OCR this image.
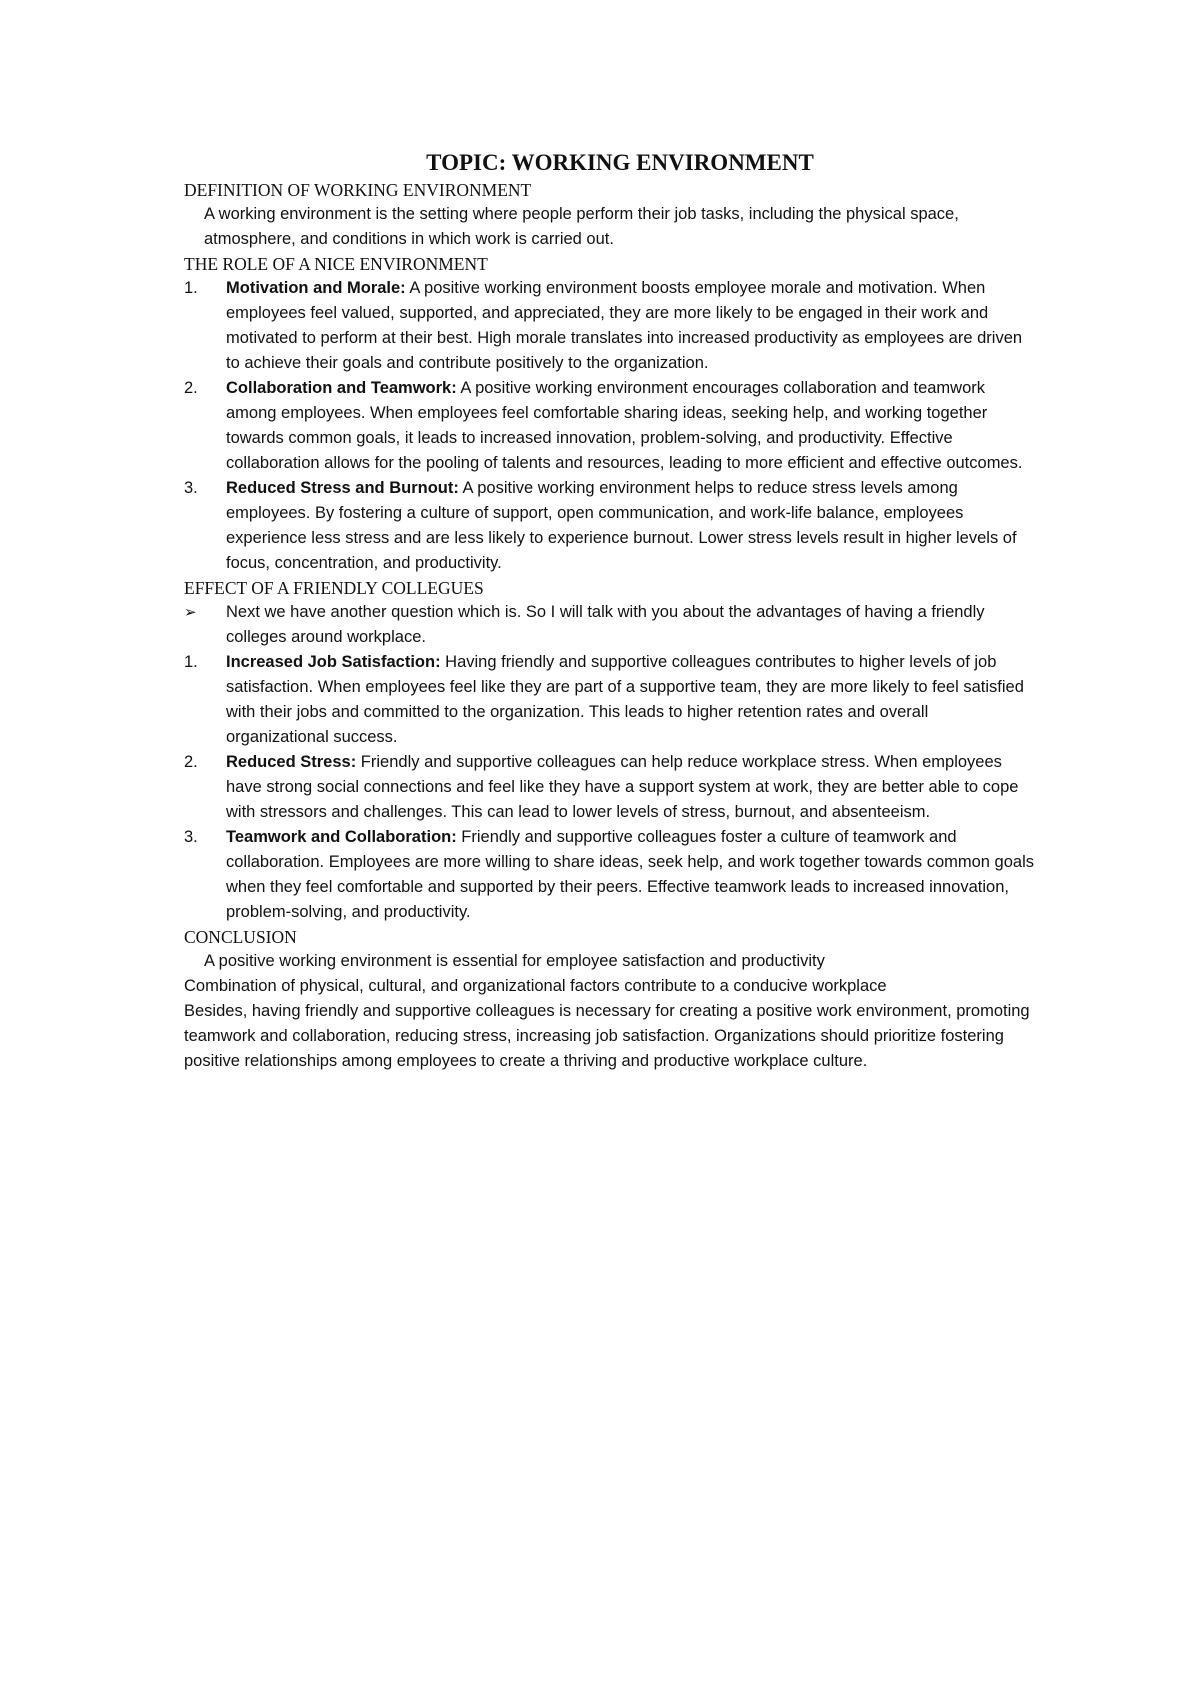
TOPIC: WORKING ENVIRONMENT
DEFINITION OF WORKING ENVIRONMENT

A working environment is the setting where people perform their job tasks, including the physical space, atmosphere, and conditions in which work is carried out.

THE ROLE OF A NICE ENVIRONMENT
1.	Motivation and Morale: A positive working environment boosts employee morale and motivation. When employees feel valued, supported, and appreciated, they are more likely to be engaged in their work and motivated to perform at their best. High morale translates into increased productivity as employees are driven to achieve their goals and contribute positively to the organization.
2.	Collaboration and Teamwork: A positive working environment encourages collaboration and teamwork among employees. When employees feel comfortable sharing ideas, seeking help, and working together towards common goals, it leads to increased innovation, problem-solving, and productivity. Effective collaboration allows for the pooling of talents and resources, leading to more efficient and effective outcomes.
3.	Reduced Stress and Burnout: A positive working environment helps to reduce stress levels among employees. By fostering a culture of support, open communication, and work-life balance, employees experience less stress and are less likely to experience burnout. Lower stress levels result in higher levels of focus, concentration, and productivity.
EFFECT OF A FRIENDLY COLLEGUES
➢	Next we have another question which is. So I will talk with you about the advantages of having a friendly colleges around workplace.
1.	Increased Job Satisfaction: Having friendly and supportive colleagues contributes to higher levels of job satisfaction. When employees feel like they are part of a supportive team, they are more likely to feel satisfied with their jobs and committed to the organization. This leads to higher retention rates and overall organizational success.
2.	Reduced Stress: Friendly and supportive colleagues can help reduce workplace stress. When employees have strong social connections and feel like they have a support system at work, they are better able to cope with stressors and challenges. This can lead to lower levels of stress, burnout, and absenteeism.
3.	Teamwork and Collaboration: Friendly and supportive colleagues foster a culture of teamwork and collaboration. Employees are more willing to share ideas, seek help, and work together towards common goals when they feel comfortable and supported by their peers. Effective teamwork leads to increased innovation, problem-solving, and productivity.
CONCLUSION

A positive working environment is essential for employee satisfaction and productivity

Combination of physical, cultural, and organizational factors contribute to a conducive workplace

Besides, having friendly and supportive colleagues is necessary for creating a positive work environment, promoting teamwork and collaboration, reducing stress, increasing job satisfaction. Organizations should prioritize fostering positive relationships among employees to create a thriving and productive workplace culture.
